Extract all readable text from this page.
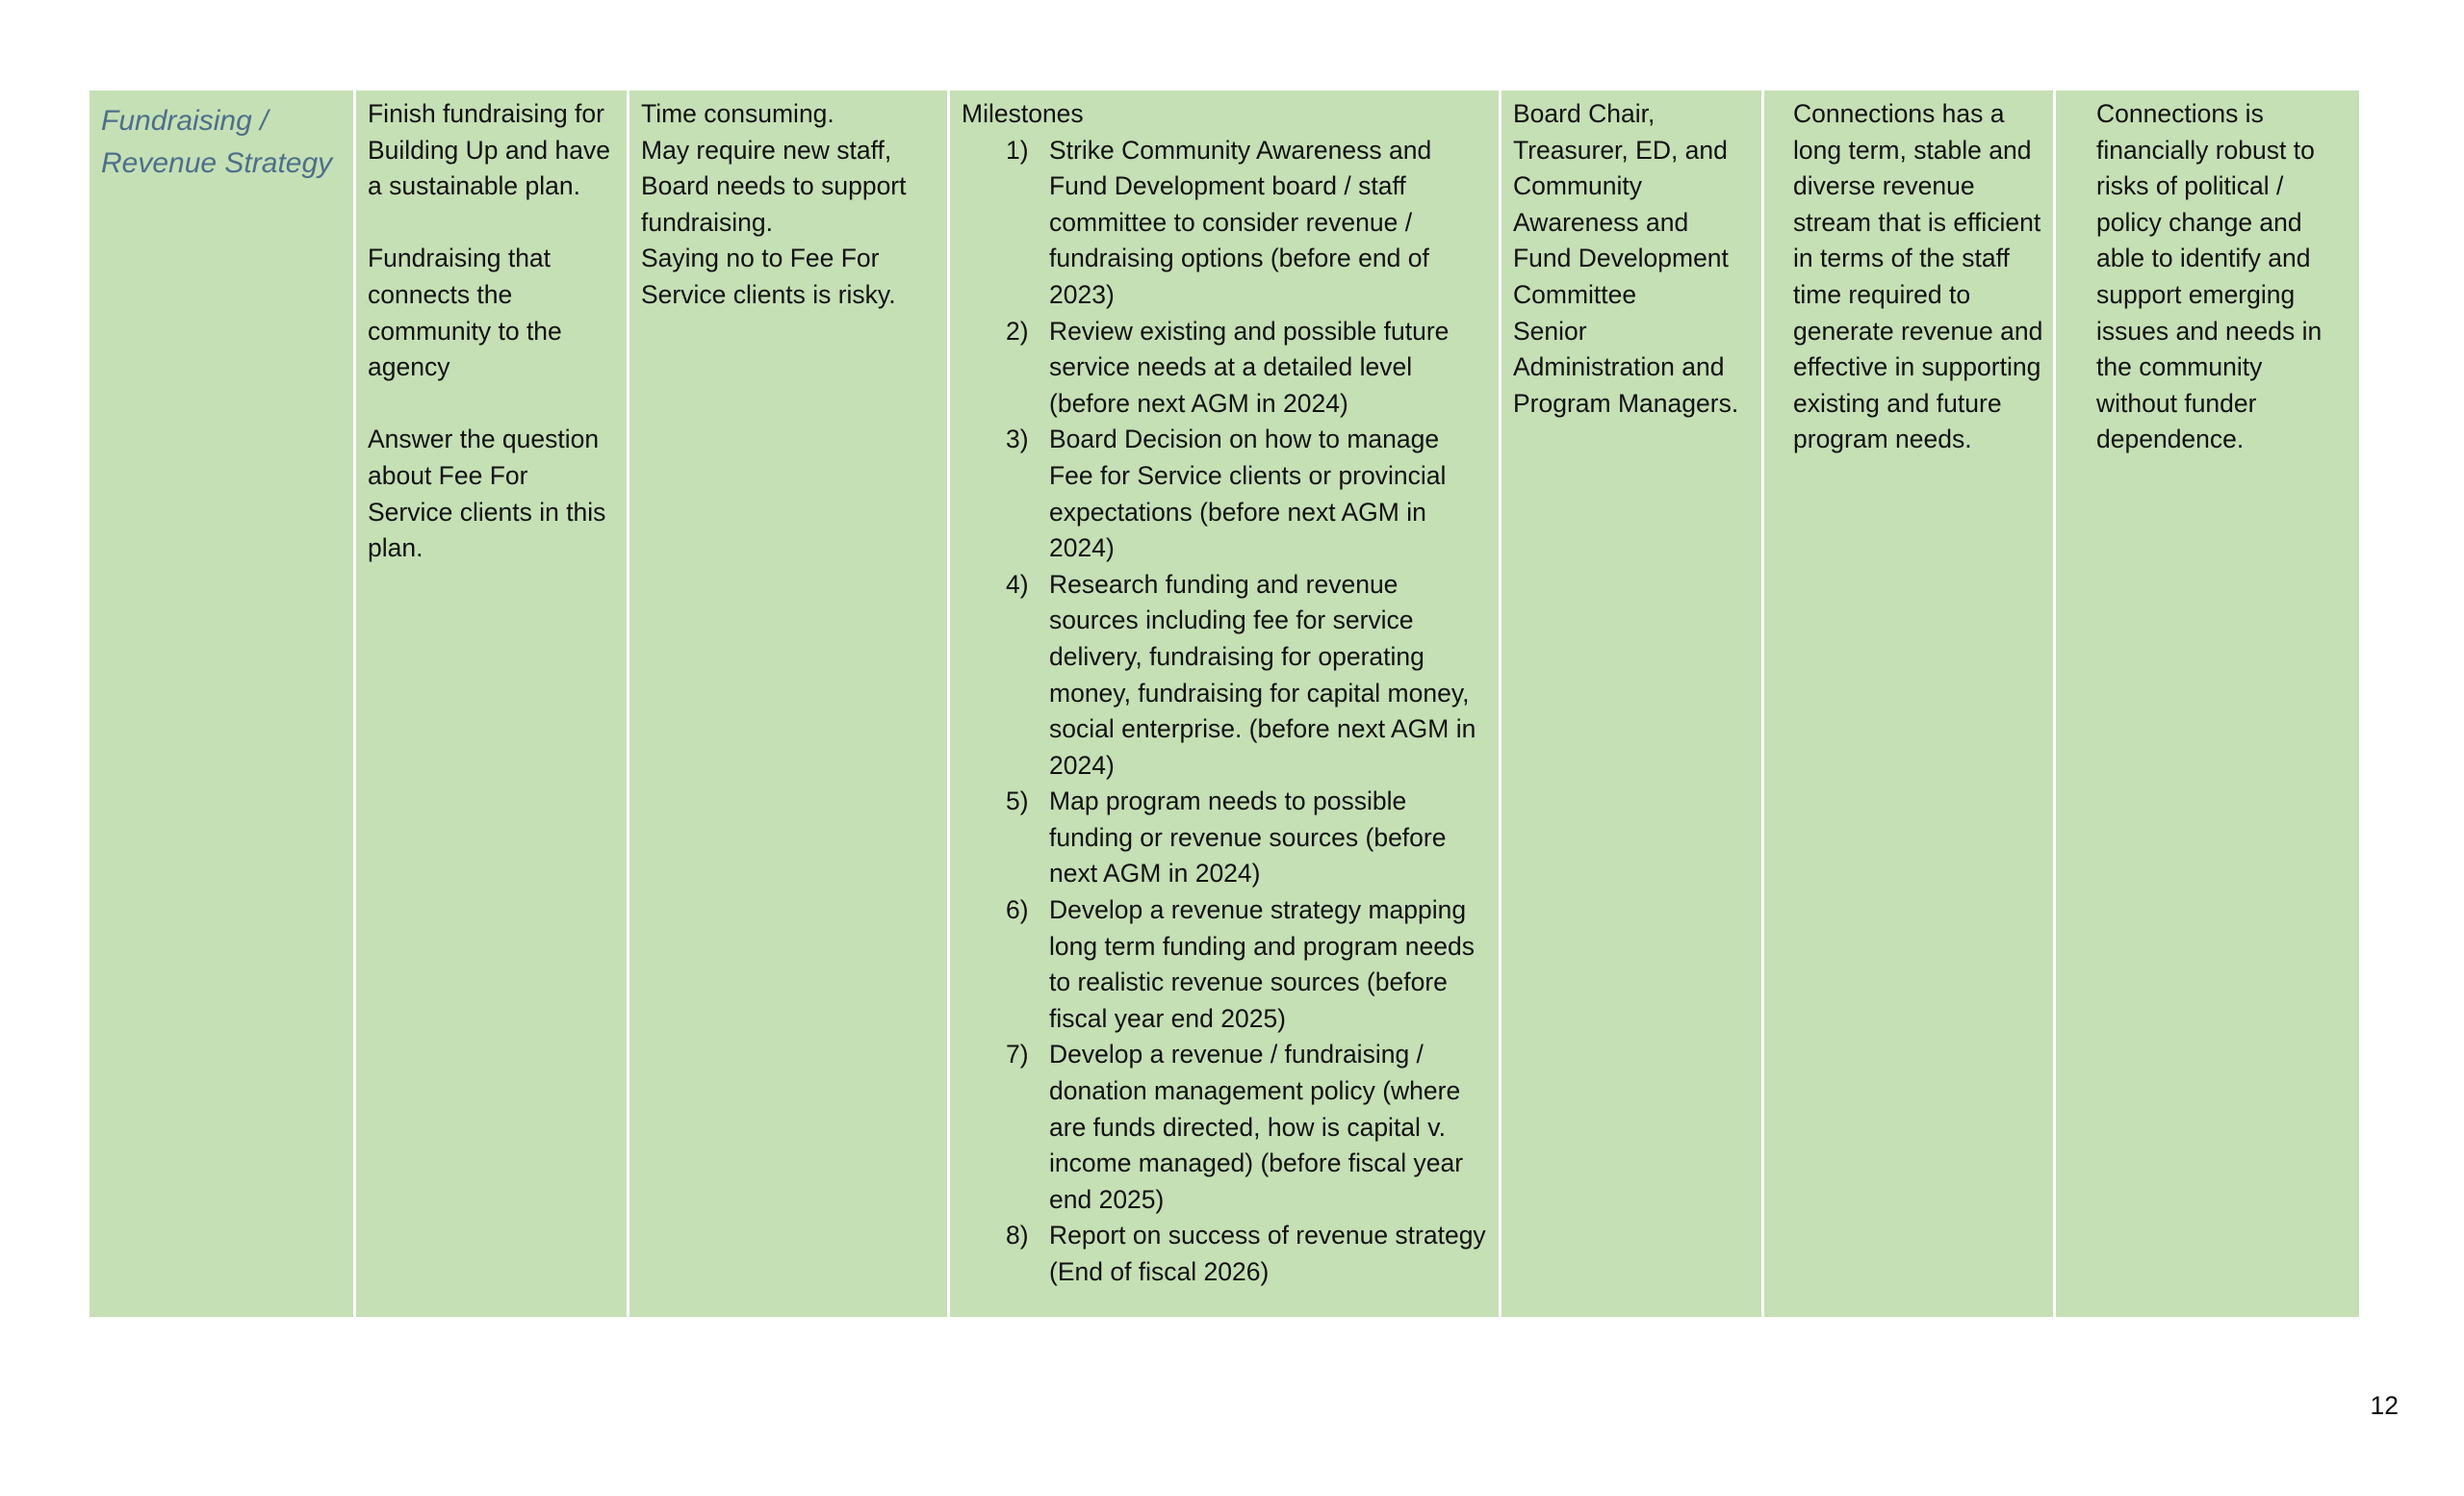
Fundraising / Revenue Strategy
Finish fundraising for Building Up and have a sustainable plan.
Fundraising that connects the community to the agency
Answer the question about Fee For Service clients in this plan.
Time consuming.
May require new staff,
Board needs to support fundraising.
Saying no to Fee For Service clients is risky.
Milestones
1) Strike Community Awareness and Fund Development board / staff committee to consider revenue / fundraising options (before end of 2023)
2) Review existing and possible future service needs at a detailed level (before next AGM in 2024)
3) Board Decision on how to manage Fee for Service clients or provincial expectations (before next AGM in 2024)
4) Research funding and revenue sources including fee for service delivery, fundraising for operating money, fundraising for capital money, social enterprise. (before next AGM in 2024)
5) Map program needs to possible funding or revenue sources (before next AGM in 2024)
6) Develop a revenue strategy mapping long term funding and program needs to realistic revenue sources (before fiscal year end 2025)
7) Develop a revenue / fundraising / donation management policy (where are funds directed, how is capital v. income managed) (before fiscal year end 2025)
8) Report on success of revenue strategy (End of fiscal 2026)
Board Chair, Treasurer, ED, and Community Awareness and Fund Development Committee
Senior Administration and Program Managers.
Connections has a long term, stable and diverse revenue stream that is efficient in terms of the staff time required to generate revenue and effective in supporting existing and future program needs.
Connections is financially robust to risks of political / policy change and able to identify and support emerging issues and needs in the community without funder dependence.
12
